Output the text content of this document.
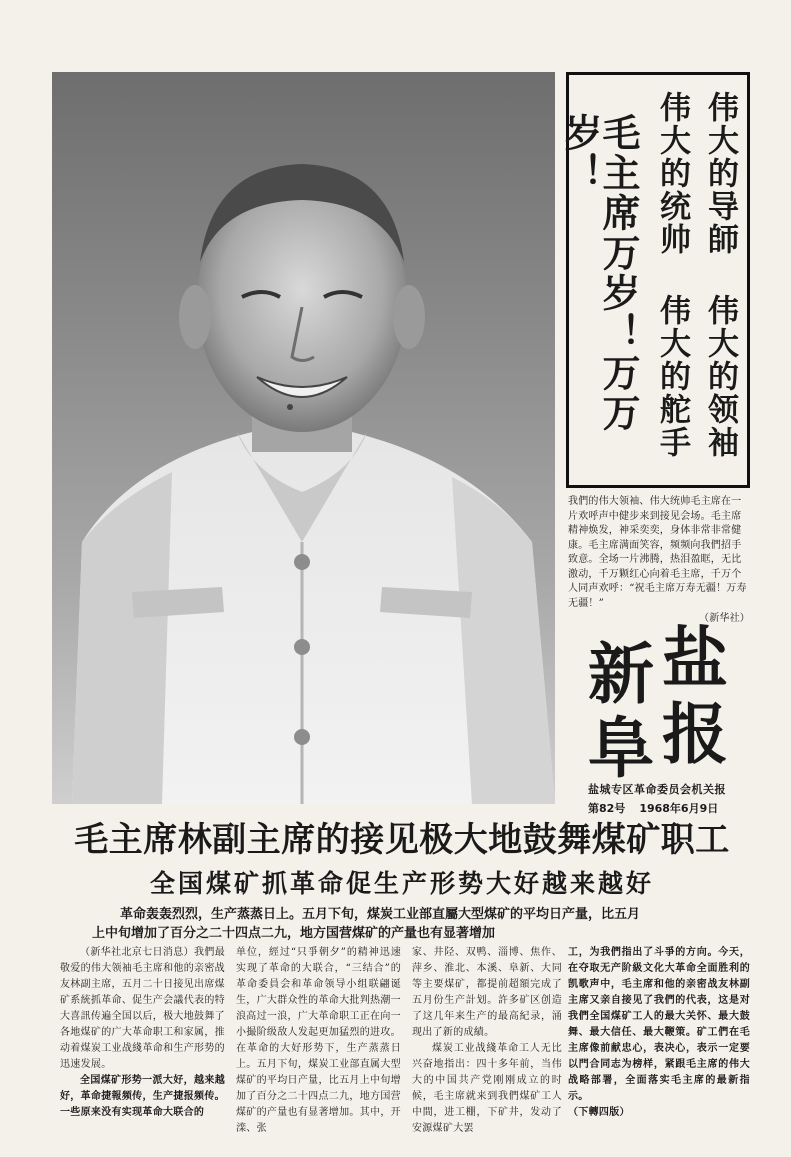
伟大的导師 伟大的领袖
伟大的统帅 伟大的舵手
毛主席万岁！万万岁！
我們的伟大领袖、伟大统帅毛主席在一片欢呼声中健步来到接见会场。毛主席精神焕发，神采奕奕，身体非常非常健康。毛主席满面笑容，频频向我們招手致意。全场一片沸腾，热泪盈眶，无比激动，千万颗红心向着毛主席，千万个人同声欢呼：“祝毛主席万寿无疆！万寿无疆！”
（新华社）
盐
报
新
阜
盐城专区革命委员会机关报
第82号 1968年6月9日
毛主席林副主席的接见极大地鼓舞煤矿职工
全国煤矿抓革命促生产形势大好越来越好
革命轰轰烈烈，生产蒸蒸日上。五月下旬，煤炭工业部直屬大型煤矿的平均日产量，比五月
上中旬增加了百分之二十四点二九，地方国营煤矿的产量也有显著增加

（新华社北京七日消息）我們最敬爱的伟大领袖毛主席和他的亲密战友林副主席，五月二十日接见出席煤矿系統抓革命、促生产会議代表的特大喜訊传遍全国以后，极大地鼓舞了各地煤矿的广大革命职工和家属，推动着煤炭工业战綫革命和生产形势的迅速发展。

全国煤矿形势一派大好，越来越好，革命捷報频传，生产捷报频传。一些原来没有实现革命大联合的

单位，經过“只爭朝夕”的精神迅速实现了革命的大联合，“三结合”的革命委員会和革命领导小组联翩诞生，广大群众性的革命大批判热潮一浪高过一浪，广大革命职工正在向一小撮阶级敌人发起更加猛烈的进攻。在革命的大好形势下，生产蒸蒸日上。五月下旬，煤炭工业部直属大型煤矿的平均日产量，比五月上中旬增加了百分之二十四点二九，地方国营煤矿的产量也有显著增加。其中，开滦、张

家、井陉、双鸭、淄博、焦作、萍乡、淮北、本溪、阜新、大同等主要煤矿，都提前超額完成了五月份生产計划。許多矿区创造了这几年来生产的最高紀录，涌现出了新的成績。

煤炭工业战綫革命工人无比兴奋地指出：四十多年前，当伟大的中国共产党刚刚成立的时候，毛主席就来到我們煤矿工人中間，进工棚，下矿井，发动了安源煤矿大罢

工，为我們指出了斗爭的方向。今天，在夺取无产阶級文化大革命全面胜利的凯歌声中，毛主席和他的亲密战友林副主席又亲自接见了我們的代表，这是对我們全国煤矿工人的最大关怀、最大鼓舞、最大信任、最大鞭策。矿工們在毛主席像前献忠心，表决心，表示一定要以門合同志为榜样，紧跟毛主席的伟大战略部署，全面落实毛主席的最新指示。

（下轉四版）
